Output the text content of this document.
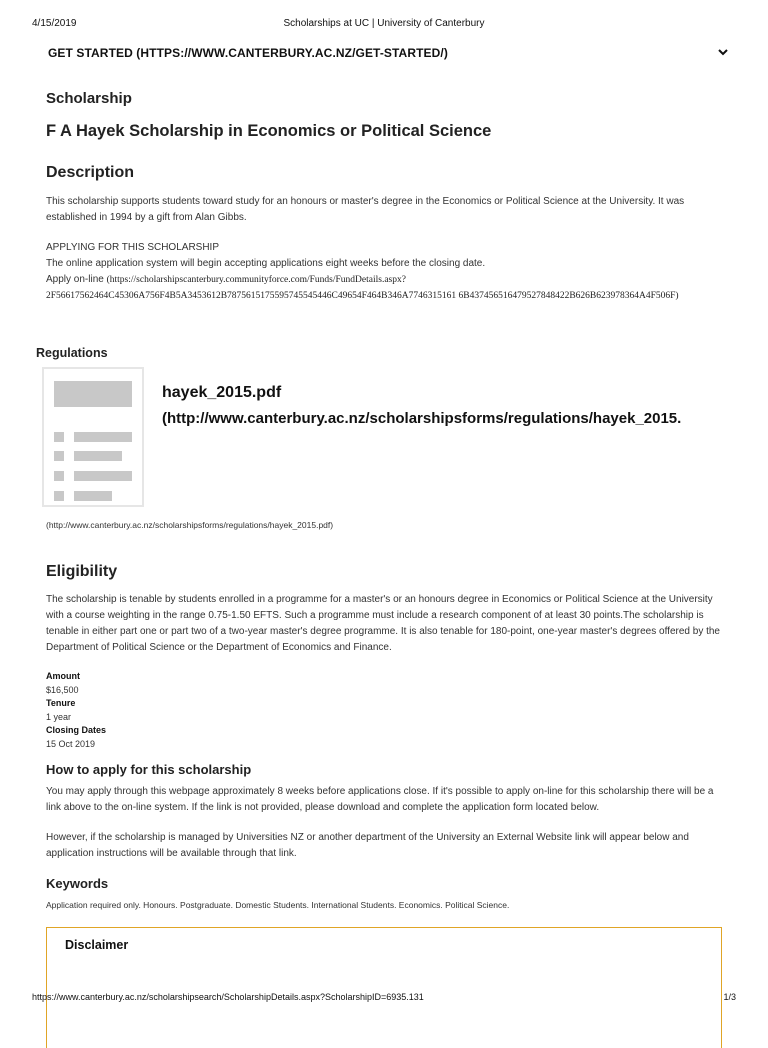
4/15/2019	Scholarships at UC | University of Canterbury
GET STARTED (HTTPS://WWW.CANTERBURY.AC.NZ/GET-STARTED/)
Scholarship
F A Hayek Scholarship in Economics or Political Science
Description
This scholarship supports students toward study for an honours or master's degree in the Economics or Political Science at the University. It was established in 1994 by a gift from Alan Gibbs.
APPLYING FOR THIS SCHOLARSHIP
The online application system will begin accepting applications eight weeks before the closing date.
Apply on-line (https://scholarshipscanterbury.communityforce.com/Funds/FundDetails.aspx?
2F56617562464C45306A756F4B5A3453612B7875615175595745545446C49654F464B346A7746315161 6B437456516479527848422B626B623978364A4F506F)
Regulations
hayek_2015.pdf
(http://www.canterbury.ac.nz/scholarshipsforms/regulations/hayek_2015.
(http://www.canterbury.ac.nz/scholarshipsforms/regulations/hayek_2015.pdf)
Eligibility
The scholarship is tenable by students enrolled in a programme for a master's or an honours degree in Economics or Political Science at the University with a course weighting in the range 0.75-1.50 EFTS. Such a programme must include a research component of at least 30 points.The scholarship is tenable in either part one or part two of a two-year master's degree programme. It is also tenable for 180-point, one-year master's degrees offered by the Department of Political Science or the Department of Economics and Finance.
Amount
$16,500
Tenure
1 year
Closing Dates
15 Oct 2019
How to apply for this scholarship
You may apply through this webpage approximately 8 weeks before applications close. If it's possible to apply on-line for this scholarship there will be a link above to the on-line system. If the link is not provided, please download and complete the application form located below.
However, if the scholarship is managed by Universities NZ or another department of the University an External Website link will appear below and application instructions will be available through that link.
Keywords
Application required only. Honours. Postgraduate. Domestic Students. International Students. Economics. Political Science.
Disclaimer
https://www.canterbury.ac.nz/scholarshipsearch/ScholarshipDetails.aspx?ScholarshipID=6935.131	1/3
